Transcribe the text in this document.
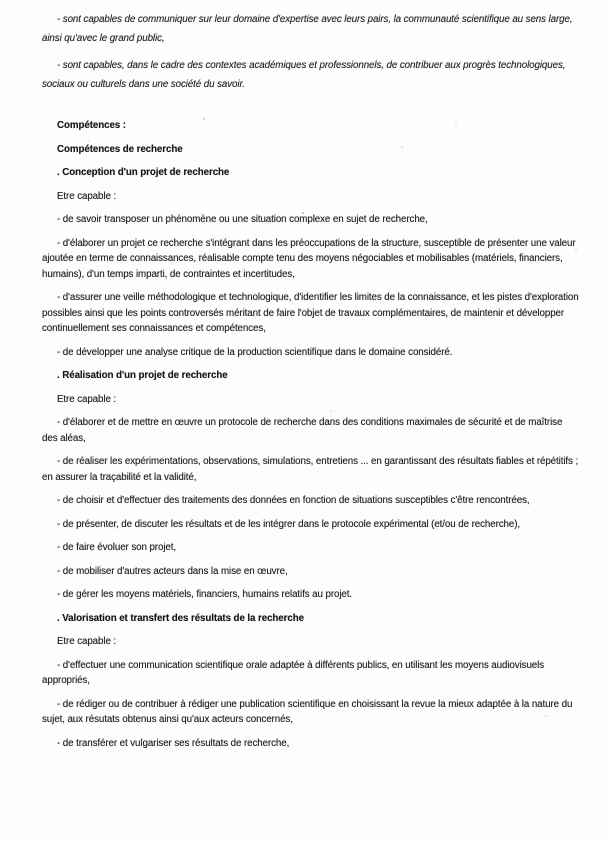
- sont capables de communiquer sur leur domaine d'expertise avec leurs pairs, la communauté scientifique au sens large, ainsi qu'avec le grand public,

- sont capables, dans le cadre des contextes académiques et professionnels, de contribuer aux progrès technologiques, sociaux ou culturels dans une société du savoir.

Compétences :

Compétences de recherche

. Conception d'un projet de recherche

Etre capable :

- de savoir transposer un phénomène ou une situation complexe en sujet de recherche,

- d'élaborer un projet ce recherche s'intégrant dans les préoccupations de la structure, susceptible de présenter une valeur ajoutée en terme de connaissances, réalisable compte tenu des moyens négociables et mobilisables (matériels, financiers, humains), d'un temps imparti, de contraintes et incertitudes,

- d'assurer une veille méthodologique et technologique, d'identifier les limites de la connaissance, et les pistes d'exploration possibles ainsi que les points controversés méritant de faire l'objet de travaux complémentaires, de maintenir et développer continuellement ses connaissances et compétences,

- de développer une analyse critique de la production scientifique dans le domaine considéré.

. Réalisation d'un projet de recherche

Etre capable :

- d'élaborer et de mettre en œuvre un protocole de recherche dans des conditions maximales de sécurité et de maîtrise des aléas,

- de réaliser les expérimentations, observations, simulations, entretiens ... en garantissant des résultats fiables et répétitifs ; en assurer la traçabilité et la validité,

- de choisir et d'effectuer des traitements des données en fonction de situations susceptibles c'être rencontrées,

- de présenter, de discuter les résultats et de les intégrer dans le protocole expérimental (et/ou de recherche),

- de faire évoluer son projet,

- de mobiliser d'autres acteurs dans la mise en œuvre,

- de gérer les moyens matériels, financiers, humains relatifs au projet.

. Valorisation et transfert des résultats de la recherche

Etre capable :

- d'effectuer une communication scientifique orale adaptée à différents publics, en utilisant les moyens audiovisuels appropriés,

- de rédiger ou de contribuer à rédiger une publication scientifique en choisissant la revue la mieux adaptée à la nature du sujet, aux résutats obtenus ainsi qu'aux acteurs concernés,

- de transférer et vulgariser ses résultats de recherche,
